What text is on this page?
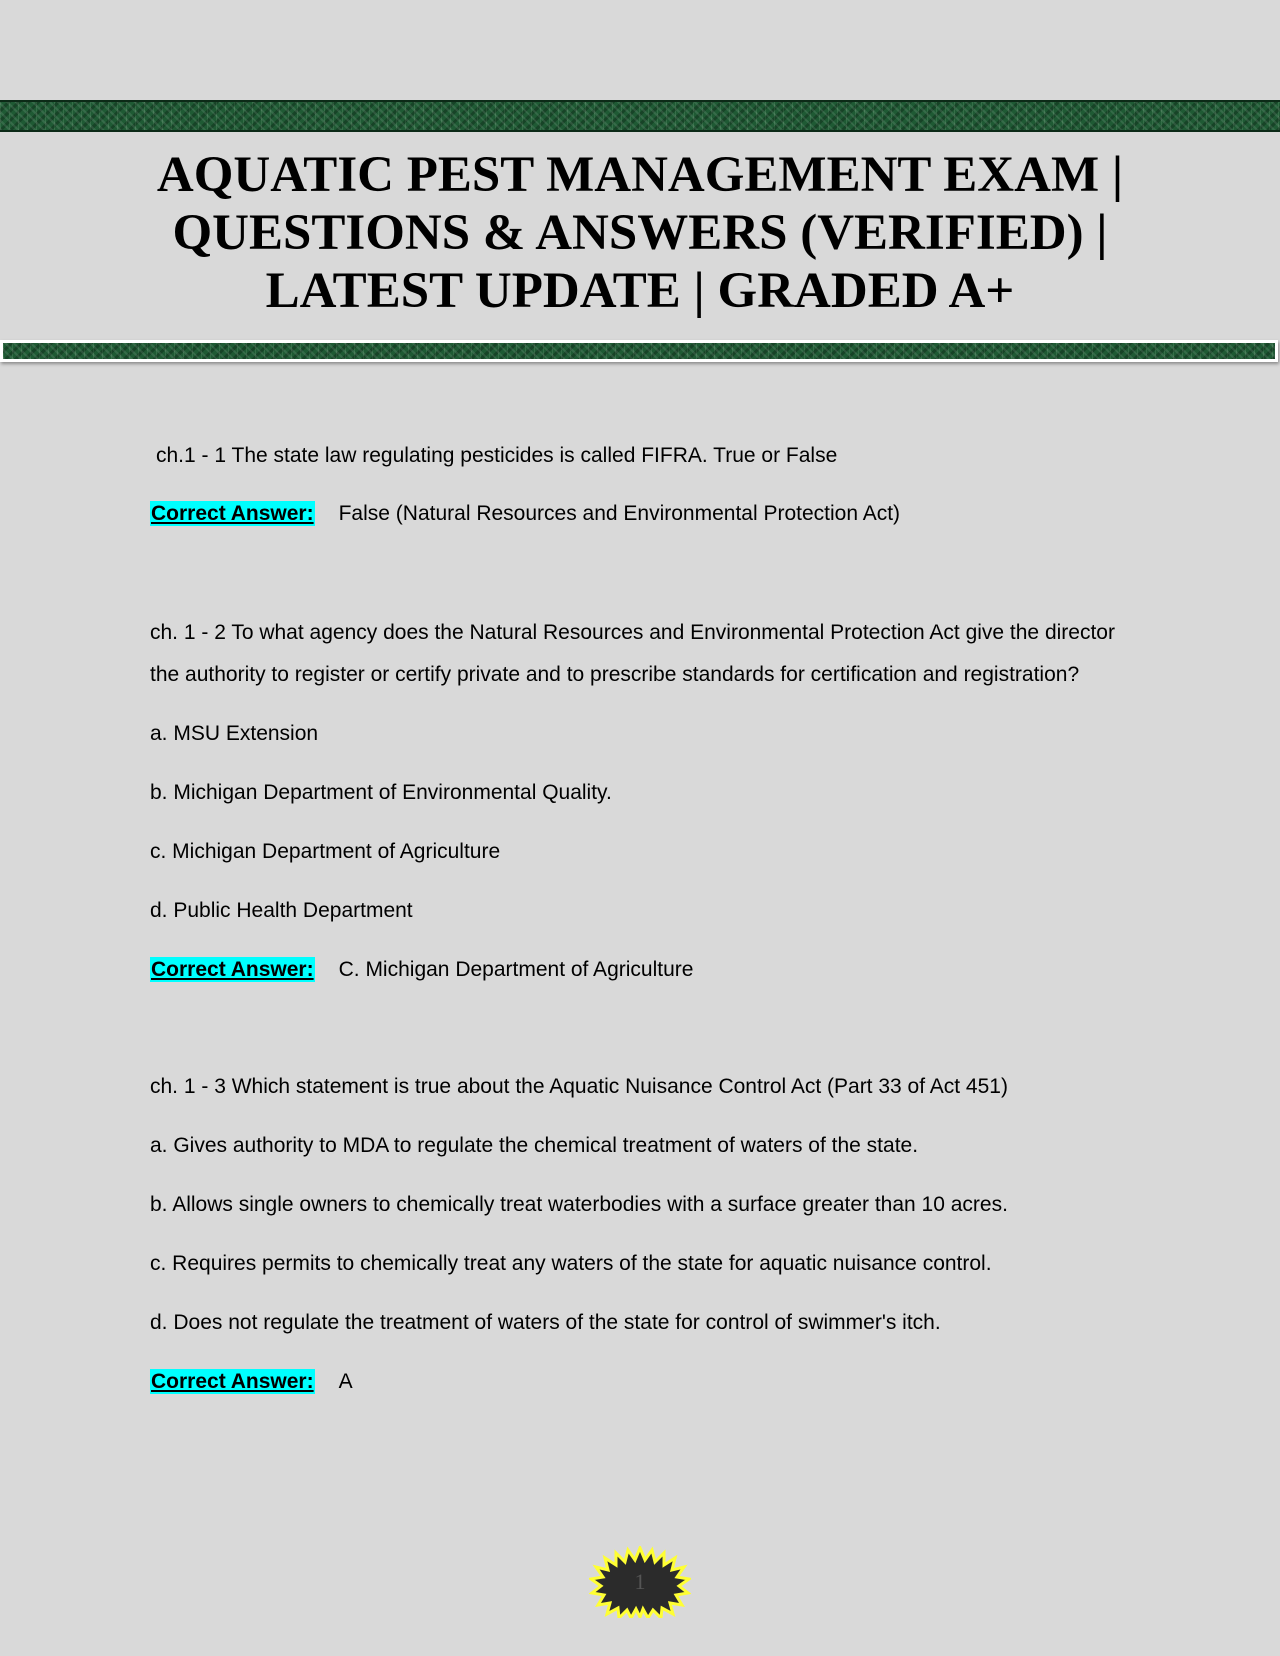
AQUATIC PEST MANAGEMENT EXAM |
QUESTIONS & ANSWERS (VERIFIED) |
LATEST UPDATE | GRADED A+
ch.1 - 1 The state law regulating pesticides is called FIFRA. True or False
Correct Answer: False (Natural Resources and Environmental Protection Act)
ch. 1 - 2 To what agency does the Natural Resources and Environmental Protection Act give the director
the authority to register or certify private and to prescribe standards for certification and registration?
a. MSU Extension
b. Michigan Department of Environmental Quality.
c. Michigan Department of Agriculture
d. Public Health Department
Correct Answer: C. Michigan Department of Agriculture
ch. 1 - 3 Which statement is true about the Aquatic Nuisance Control Act (Part 33 of Act 451)
a. Gives authority to MDA to regulate the chemical treatment of waters of the state.
b. Allows single owners to chemically treat waterbodies with a surface greater than 10 acres.
c. Requires permits to chemically treat any waters of the state for aquatic nuisance control.
d. Does not regulate the treatment of waters of the state for control of swimmer's itch.
Correct Answer: A
1
